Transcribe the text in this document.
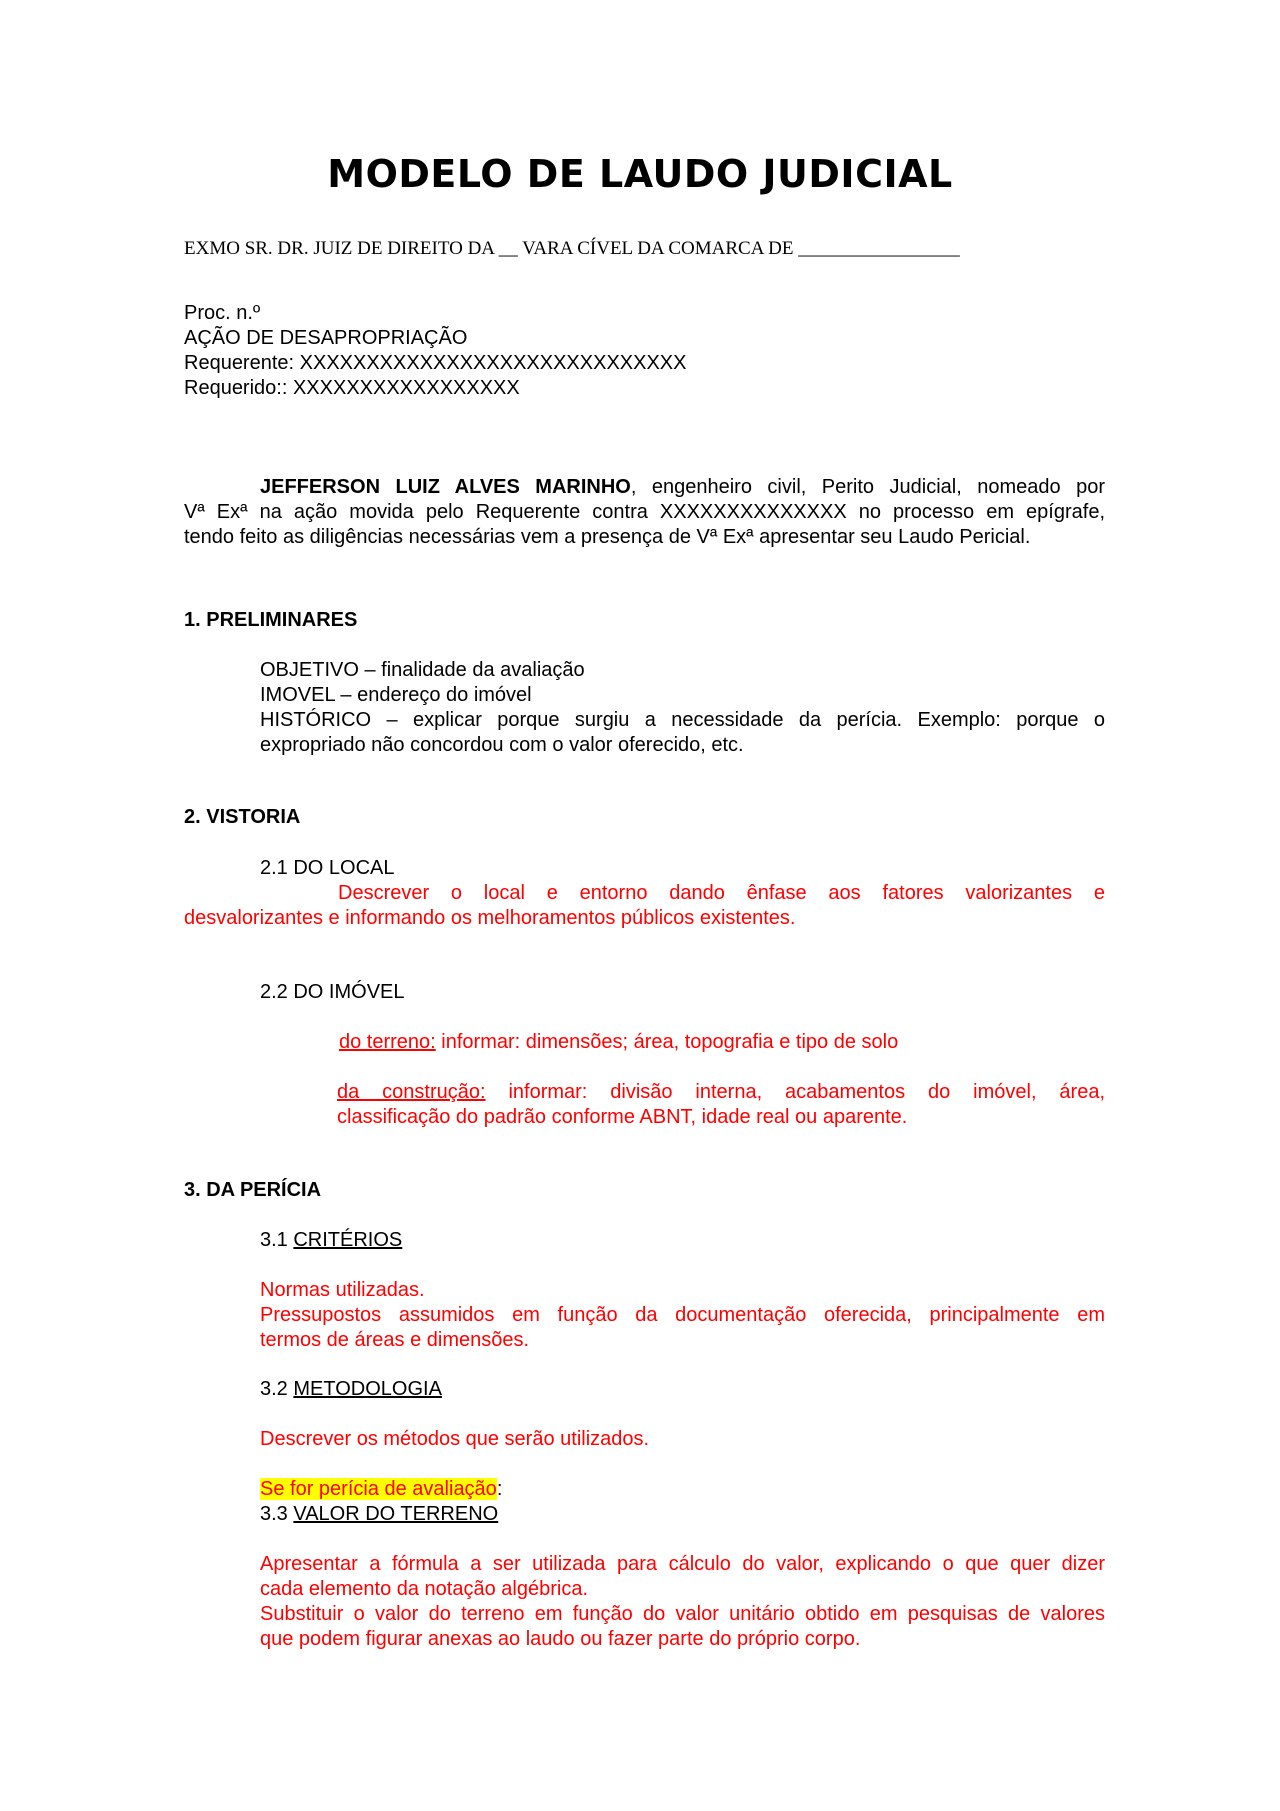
MODELO DE LAUDO JUDICIAL

EXMO SR. DR. JUIZ DE DIREITO DA __ VARA CÍVEL DA COMARCA DE _________________

Proc. n.º

AÇÃO DE DESAPROPRIAÇÃO

Requerente: XXXXXXXXXXXXXXXXXXXXXXXXXXXXX

Requerido:: XXXXXXXXXXXXXXXXX

JEFFERSON LUIZ ALVES MARINHO, engenheiro civil, Perito Judicial, nomeado por

Vª Exª na ação movida pelo Requerente contra XXXXXXXXXXXXXX no processo em epígrafe,

tendo feito as diligências necessárias vem a presença de Vª Exª apresentar seu Laudo Pericial.

1. PRELIMINARES

OBJETIVO – finalidade da avaliação

IMOVEL – endereço do imóvel

HISTÓRICO – explicar porque surgiu a necessidade da perícia. Exemplo: porque o

expropriado não concordou com o valor oferecido, etc.

2. VISTORIA

2.1 DO LOCAL

Descrever o local e entorno dando ênfase aos fatores valorizantes e

desvalorizantes e informando os melhoramentos públicos existentes.

2.2 DO IMÓVEL

do terreno: informar: dimensões; área, topografia e tipo de solo

da construção: informar: divisão interna, acabamentos do imóvel, área,

classificação do padrão conforme ABNT, idade real ou aparente.

3. DA PERÍCIA

3.1 CRITÉRIOS

Normas utilizadas.

Pressupostos assumidos em função da documentação oferecida, principalmente em

termos de áreas e dimensões.

3.2 METODOLOGIA

Descrever os métodos que serão utilizados.

Se for perícia de avaliação:

3.3 VALOR DO TERRENO

Apresentar a fórmula a ser utilizada para cálculo do valor, explicando o que quer dizer

cada elemento da notação algébrica.

Substituir o valor do terreno em função do valor unitário obtido em pesquisas de valores

que podem figurar anexas ao laudo ou fazer parte do próprio corpo.
